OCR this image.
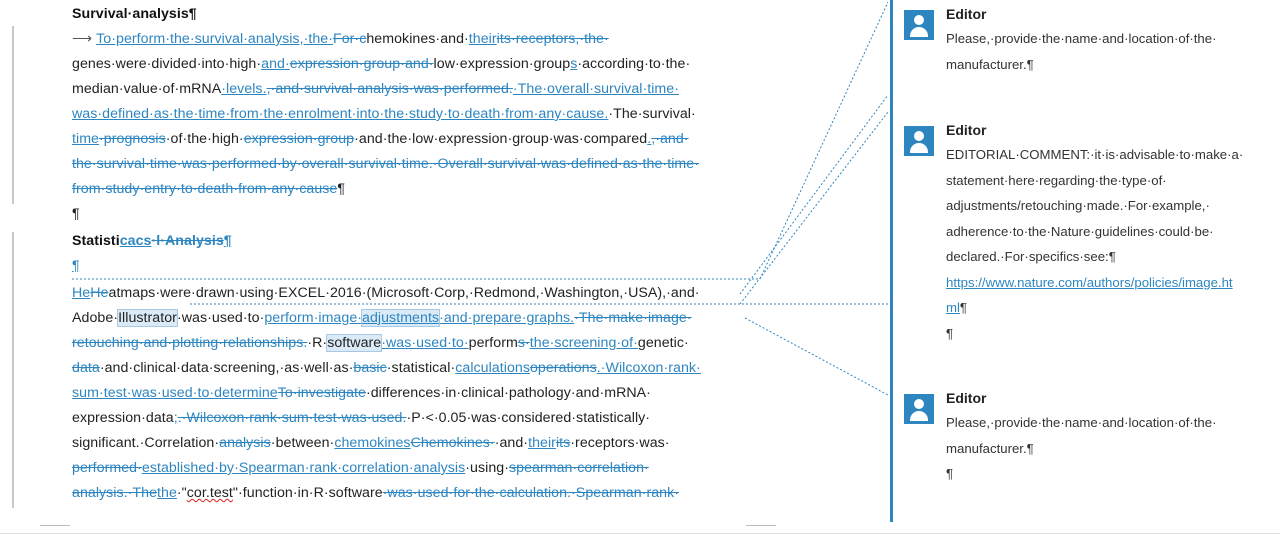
Survival·analysis¶
⟶ To·perform·the·survival·analysis,·the·For·chemokines·and·theirits·receptors,·the·
genes·were·divided·into·high·and·expression·group·and·low·expression·groups·according·to·the·
median·value·of·mRNA·levels.,·and·survival·analysis·was·performed.·The·overall·survival·time·
was·defined·as·the·time·from·the·enrolment·into·the·study·to·death·from·any·cause.·The·survival·
time·prognosis·of·the·high·expression·group·and·the·low·expression·group·was·compared.,·and·
the·survival·time·was·performed·by·overall·survival·time.·Overall·survival·was·defined·as·the·time·
from·study·entry·to·death·from·any·cause¶
¶
Statisticacs·l·Analysis¶
¶
HeHeatmaps·were·drawn·using·EXCEL·2016·(Microsoft·Corp,·Redmond,·Washington,·USA),·and·
Adobe·Illustrator·was·used·to·perform·image·adjustments·and·prepare·graphs.·The·make·image·
retouching·and·plotting·relationships.·R·software·was·used·to·performs·the·screening·of·genetic·
data·and·clinical·data·screening,·as·well·as·basic·statistical·calculationsoperations.·Wilcoxon·rank·
sum·test·was·used·to·determineTo·investigate·differences·in·clinical·pathology·and·mRNA·
expression·data;.·Wilcoxon·rank·sum·test·was·used.·P·<·0.05·was·considered·statistically·
significant.·Correlation·analysis·between·chemokinesChemokines··and·theirits·receptors·was·
performed·established·by·Spearman·rank·correlation·analysis·using·spearman·correlation·
analysis.·Thethe·"cor.test"·function·in·R·software·was·used·for·the·calculation.·Spearman·rank·
Editor
Please,·provide·the·name·and·location·of·the·
manufacturer.¶
Editor
EDITORIAL·COMMENT:·it·is·advisable·to·make·a·
statement·here·regarding·the·type·of·
adjustments/retouching·made.·For·example,·
adherence·to·the·Nature·guidelines·could·be·
declared.·For·specifics·see:¶
https://www.nature.com/authors/policies/image.ht
ml¶
¶
Editor
Please,·provide·the·name·and·location·of·the·
manufacturer.¶
¶
